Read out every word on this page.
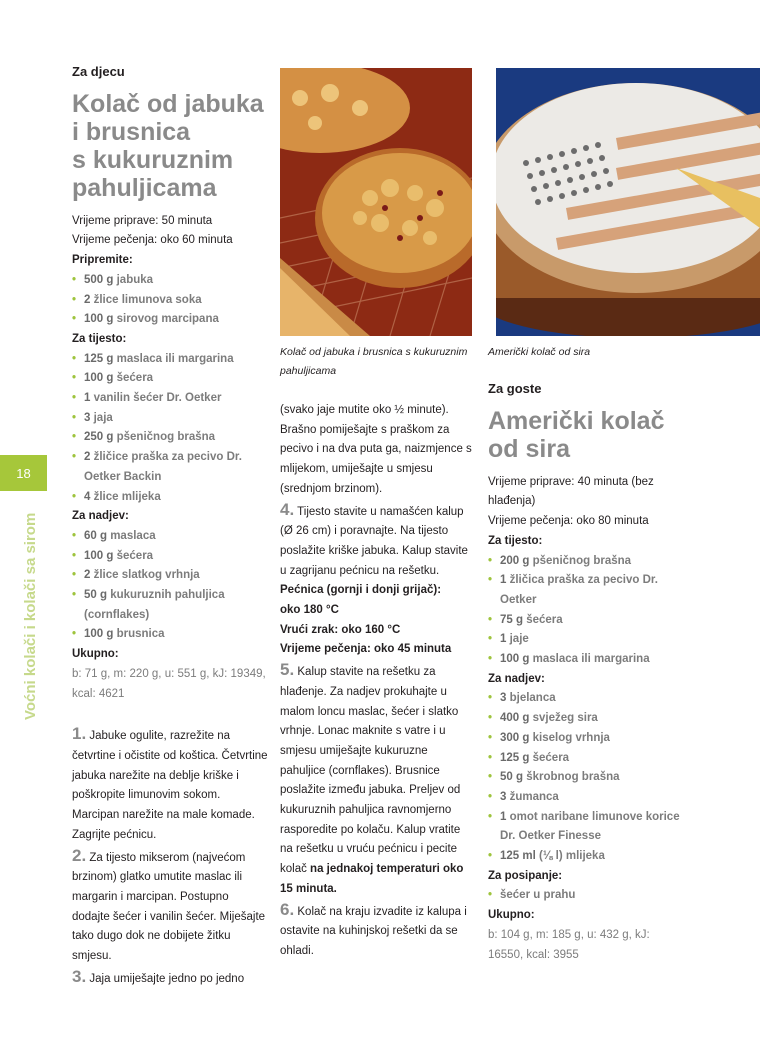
18
Voćni kolači i kolači sa sirom
Kolač od jabuka i brusnica s kukuruznim pahuljicama
Američki kolač od sira
Za djecu
Kolač od jabuka
i brusnica
s kukuruznim
pahuljicama
Vrijeme priprave: 50 minuta
Vrijeme pečenja: oko 60 minuta
Pripremite:
• 500 g jabuka
• 2 žlice limunova soka
• 100 g sirovog marcipana
Za tijesto:
• 125 g maslaca ili margarina
• 100 g šećera
• 1 vanilin šećer Dr. Oetker
• 3 jaja
• 250 g pšeničnog brašna
• 2 žličice praška za pecivo Dr. Oetker Backin
• 4 žlice mlijeka
Za nadjev:
• 60 g maslaca
• 100 g šećera
• 2 žlice slatkog vrhnja
• 50 g kukuruznih pahuljica (cornflakes)
• 100 g brusnica
Ukupno:
b: 71 g, m: 220 g, u: 551 g, kJ: 19349, kcal: 4621
1. Jabuke ogulite, razrežite na četvrtine i očistite od koštica. Četvrtine jabuka narežite na deblje kriške i poškropite limunovim sokom. Marcipan narežite na male komade. Zagrijte pećnicu.
2. Za tijesto mikserom (najvećom brzinom) glatko umutite maslac ili margarin i marcipan. Postupno dodajte šećer i vanilin šećer. Miješajte tako dugo dok ne dobijete žitku smjesu.
3. Jaja umiješajte jedno po jedno
(svako jaje mutite oko ½ minute). Brašno pomiješajte s praškom za pecivo i na dva puta ga, naizmjence s mlijekom, umiješajte u smjesu (srednjom brzinom).
4. Tijesto stavite u namašćen kalup (Ø 26 cm) i poravnajte. Na tijesto poslažite kriške jabuka. Kalup stavite u zagrijanu pećnicu na rešetku.
Pećnica (gornji i donji grijač):
oko 180 °C
Vrući zrak: oko 160 °C
Vrijeme pečenja: oko 45 minuta
5. Kalup stavite na rešetku za hlađenje. Za nadjev prokuhajte u malom loncu maslac, šećer i slatko vrhnje. Lonac maknite s vatre i u smjesu umiješajte kukuruzne pahuljice (cornflakes). Brusnice poslažite između jabuka. Preljev od kukuruznih pahuljica ravnomjerno rasporedite po kolaču. Kalup vratite na rešetku u vruću pećnicu i pecite kolač na jednakoj temperaturi oko 15 minuta.
6. Kolač na kraju izvadite iz kalupa i ostavite na kuhinjskoj rešetki da se ohladi.
Za goste
Američki kolač
od sira
Vrijeme priprave: 40 minuta (bez hlađenja)
Vrijeme pečenja: oko 80 minuta
Za tijesto:
• 200 g pšeničnog brašna
• 1 žličica praška za pecivo Dr. Oetker
• 75 g šećera
• 1 jaje
• 100 g maslaca ili margarina
Za nadjev:
• 3 bjelanca
• 400 g svježeg sira
• 300 g kiselog vrhnja
• 125 g šećera
• 50 g škrobnog brašna
• 3 žumanca
• 1 omot naribane limunove korice Dr. Oetker Finesse
• 125 ml (⅛ l) mlijeka
Za posipanje:
• šećer u prahu
Ukupno:
b: 104 g, m: 185 g, u: 432 g, kJ: 16550, kcal: 3955
